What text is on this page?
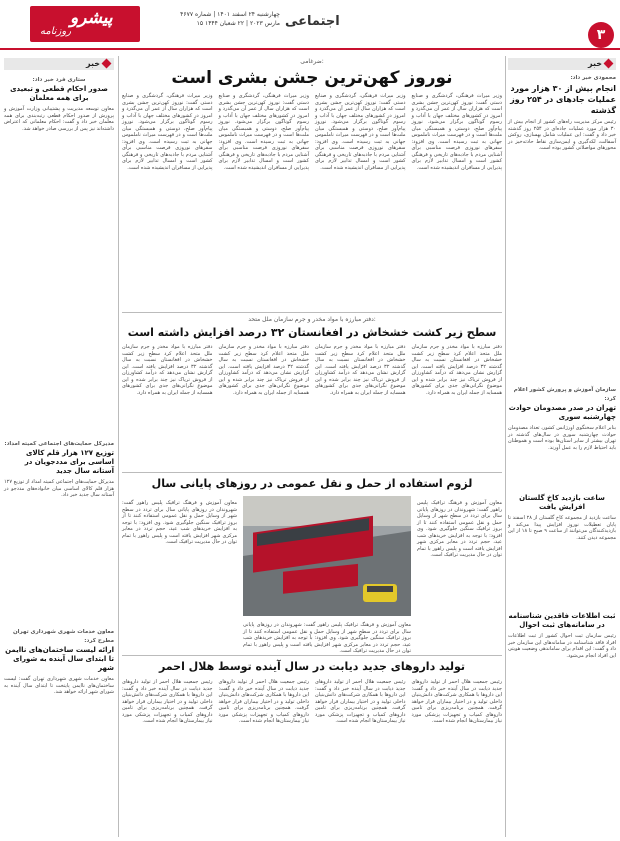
پیشرو
روزنامه
چهارشنبه ۲۴ اسفند ۱۴۰۱ | شماره ۴۶۷۷
۱۵ مارس ۲۰۲۳ | ۲۲ شعبان ۱۴۴۴ اجتماعی
۳
خبر
محمودی خبر داد:
انجام بیش از ۳۰ هزار مورد عملیات جادهای در ۲۵۴ روز گذشته
رئیس مرکز مدیریت راه‌های کشور از انجام بیش از ۳۰ هزار مورد عملیات جاده‌ای در ۲۵۴ روز گذشته خبر داد و گفت: این عملیات شامل بهسازی، روکش آسفالت، لکه‌گیری و ایمن‌سازی نقاط حادثه‌خیز در محورهای مواصلاتی کشور بوده است.
سازمان آموزش و پرورش کشور اعلام کرد:
تهران در صدر مصدومان حوادث چهارشنبه سوری
بنابر اعلام سخنگوی اورژانس کشور، تعداد مصدومان حوادث چهارشنبه سوری در سال‌های گذشته در تهران بیشتر از سایر استان‌ها بوده است و هموطنان باید احتیاط لازم را به عمل آورند.
ساعت بازدید کاخ گلستان افزایش یافت
ساعت بازدید از مجموعه کاخ گلستان از ۲۸ اسفند تا پایان تعطیلات نوروز افزایش پیدا می‌کند و بازدیدکنندگان می‌توانند از ساعت ۹ صبح تا ۱۸ از این مجموعه دیدن کنند.
ثبت اطلاعات فاقدین شناسنامه در سامانه‌های ثبت احوال
رئیس سازمان ثبت احوال کشور از ثبت اطلاعات افراد فاقد شناسنامه در سامانه‌های این سازمان خبر داد و گفت: این اقدام برای ساماندهی وضعیت هویتی این افراد انجام می‌شود.
خبر
ستاری فرد خبر داد:
صدور احکام قطعی و تبعیدی برای همه معلمان
معاون توسعه مدیریت و پشتیبانی وزارت آموزش و پرورش از صدور احکام قطعی رتبه‌بندی برای همه معلمان خبر داد و گفت: احکام معلمانی که اعتراض داشته‌اند نیز پس از بررسی صادر خواهد شد.
مدیرکل حمایت‌های اجتماعی کمیته امداد:
توزیع ۱۲۷ هزار قلم کالای اساسی برای مددجویان در آستانه سال جدید
مدیرکل حمایت‌های اجتماعی کمیته امداد از توزیع ۱۲۷ هزار قلم کالای اساسی میان خانواده‌های مددجو در آستانه سال جدید خبر داد.
معاون خدمات شهری شهرداری تهران مطرح کرد:
ارائه لیست ساختمان‌های ناایمن تا ابتدای سال آینده به شورای شهر
معاون خدمات شهری شهرداری تهران گفت: لیست ساختمان‌های ناایمن پایتخت تا ابتدای سال آینده به شورای شهر ارائه خواهد شد.
ضرغامی:
نوروز کهن‌ترین جشن بشری است
وزیر میراث فرهنگی، گردشگری و صنایع دستی گفت: نوروز کهن‌ترین جشن بشری است که هزاران سال از عمر آن می‌گذرد و امروز در کشورهای مختلف جهان با آداب و رسوم گوناگون برگزار می‌شود. نوروز پیام‌آور صلح، دوستی و همبستگی میان ملت‌ها است و در فهرست میراث ناملموس جهانی به ثبت رسیده است. وی افزود: سفرهای نوروزی فرصت مناسبی برای آشنایی مردم با جاذبه‌های تاریخی و فرهنگی کشور است و امسال تدابیر لازم برای پذیرایی از مسافران اندیشیده شده است.
وزیر میراث فرهنگی، گردشگری و صنایع دستی گفت: نوروز کهن‌ترین جشن بشری است که هزاران سال از عمر آن می‌گذرد و امروز در کشورهای مختلف جهان با آداب و رسوم گوناگون برگزار می‌شود. نوروز پیام‌آور صلح، دوستی و همبستگی میان ملت‌ها است و در فهرست میراث ناملموس جهانی به ثبت رسیده است. وی افزود: سفرهای نوروزی فرصت مناسبی برای آشنایی مردم با جاذبه‌های تاریخی و فرهنگی کشور است و امسال تدابیر لازم برای پذیرایی از مسافران اندیشیده شده است.
وزیر میراث فرهنگی، گردشگری و صنایع دستی گفت: نوروز کهن‌ترین جشن بشری است که هزاران سال از عمر آن می‌گذرد و امروز در کشورهای مختلف جهان با آداب و رسوم گوناگون برگزار می‌شود. نوروز پیام‌آور صلح، دوستی و همبستگی میان ملت‌ها است و در فهرست میراث ناملموس جهانی به ثبت رسیده است. وی افزود: سفرهای نوروزی فرصت مناسبی برای آشنایی مردم با جاذبه‌های تاریخی و فرهنگی کشور است و امسال تدابیر لازم برای پذیرایی از مسافران اندیشیده شده است.
وزیر میراث فرهنگی، گردشگری و صنایع دستی گفت: نوروز کهن‌ترین جشن بشری است که هزاران سال از عمر آن می‌گذرد و امروز در کشورهای مختلف جهان با آداب و رسوم گوناگون برگزار می‌شود. نوروز پیام‌آور صلح، دوستی و همبستگی میان ملت‌ها است و در فهرست میراث ناملموس جهانی به ثبت رسیده است. وی افزود: سفرهای نوروزی فرصت مناسبی برای آشنایی مردم با جاذبه‌های تاریخی و فرهنگی کشور است و امسال تدابیر لازم برای پذیرایی از مسافران اندیشیده شده است.
دفتر مبارزه با مواد مخدر و جرم سازمان ملل متحد:
سطح زیر کشت خشخاش در افغانستان ۳۲ درصد افزایش داشته است
دفتر مبارزه با مواد مخدر و جرم سازمان ملل متحد اعلام کرد سطح زیر کشت خشخاش در افغانستان نسبت به سال گذشته ۳۲ درصد افزایش یافته است. این گزارش نشان می‌دهد که درآمد کشاورزان از فروش تریاک نیز چند برابر شده و این موضوع نگرانی‌های جدی برای کشورهای همسایه از جمله ایران به همراه دارد.
دفتر مبارزه با مواد مخدر و جرم سازمان ملل متحد اعلام کرد سطح زیر کشت خشخاش در افغانستان نسبت به سال گذشته ۳۲ درصد افزایش یافته است. این گزارش نشان می‌دهد که درآمد کشاورزان از فروش تریاک نیز چند برابر شده و این موضوع نگرانی‌های جدی برای کشورهای همسایه از جمله ایران به همراه دارد.
دفتر مبارزه با مواد مخدر و جرم سازمان ملل متحد اعلام کرد سطح زیر کشت خشخاش در افغانستان نسبت به سال گذشته ۳۲ درصد افزایش یافته است. این گزارش نشان می‌دهد که درآمد کشاورزان از فروش تریاک نیز چند برابر شده و این موضوع نگرانی‌های جدی برای کشورهای همسایه از جمله ایران به همراه دارد.
دفتر مبارزه با مواد مخدر و جرم سازمان ملل متحد اعلام کرد سطح زیر کشت خشخاش در افغانستان نسبت به سال گذشته ۳۲ درصد افزایش یافته است. این گزارش نشان می‌دهد که درآمد کشاورزان از فروش تریاک نیز چند برابر شده و این موضوع نگرانی‌های جدی برای کشورهای همسایه از جمله ایران به همراه دارد.
لزوم استفاده از حمل و نقل عمومی در روزهای پایانی سال
معاون آموزش و فرهنگ ترافیک پلیس راهور گفت: شهروندان در روزهای پایانی سال برای تردد در سطح شهر از وسایل حمل و نقل عمومی استفاده کنند تا از بروز ترافیک سنگین جلوگیری شود. وی افزود: با توجه به افزایش خریدهای شب عید، حجم تردد در معابر مرکزی شهر افزایش یافته است و پلیس راهور با تمام توان در حال مدیریت ترافیک است.
معاون آموزش و فرهنگ ترافیک پلیس راهور گفت: شهروندان در روزهای پایانی سال برای تردد در سطح شهر از وسایل حمل و نقل عمومی استفاده کنند تا از بروز ترافیک سنگین جلوگیری شود. وی افزود: با توجه به افزایش خریدهای شب عید، حجم تردد در معابر مرکزی شهر افزایش یافته است و پلیس راهور با تمام توان در حال مدیریت ترافیک است.
معاون آموزش و فرهنگ ترافیک پلیس راهور گفت: شهروندان در روزهای پایانی سال برای تردد در سطح شهر از وسایل حمل و نقل عمومی استفاده کنند تا از بروز ترافیک سنگین جلوگیری شود. وی افزود: با توجه به افزایش خریدهای شب عید، حجم تردد در معابر مرکزی شهر افزایش یافته است و پلیس راهور با تمام توان در حال مدیریت ترافیک است.
تولید داروهای جدید دیابت در سال آینده توسط هلال احمر
رئیس جمعیت هلال احمر از تولید داروهای جدید دیابت در سال آینده خبر داد و گفت: این داروها با همکاری شرکت‌های دانش‌بنیان داخلی تولید و در اختیار بیماران قرار خواهد گرفت. همچنین برنامه‌ریزی برای تامین داروهای کمیاب و تجهیزات پزشکی مورد نیاز بیمارستان‌ها انجام شده است.
رئیس جمعیت هلال احمر از تولید داروهای جدید دیابت در سال آینده خبر داد و گفت: این داروها با همکاری شرکت‌های دانش‌بنیان داخلی تولید و در اختیار بیماران قرار خواهد گرفت. همچنین برنامه‌ریزی برای تامین داروهای کمیاب و تجهیزات پزشکی مورد نیاز بیمارستان‌ها انجام شده است.
رئیس جمعیت هلال احمر از تولید داروهای جدید دیابت در سال آینده خبر داد و گفت: این داروها با همکاری شرکت‌های دانش‌بنیان داخلی تولید و در اختیار بیماران قرار خواهد گرفت. همچنین برنامه‌ریزی برای تامین داروهای کمیاب و تجهیزات پزشکی مورد نیاز بیمارستان‌ها انجام شده است.
رئیس جمعیت هلال احمر از تولید داروهای جدید دیابت در سال آینده خبر داد و گفت: این داروها با همکاری شرکت‌های دانش‌بنیان داخلی تولید و در اختیار بیماران قرار خواهد گرفت. همچنین برنامه‌ریزی برای تامین داروهای کمیاب و تجهیزات پزشکی مورد نیاز بیمارستان‌ها انجام شده است.
